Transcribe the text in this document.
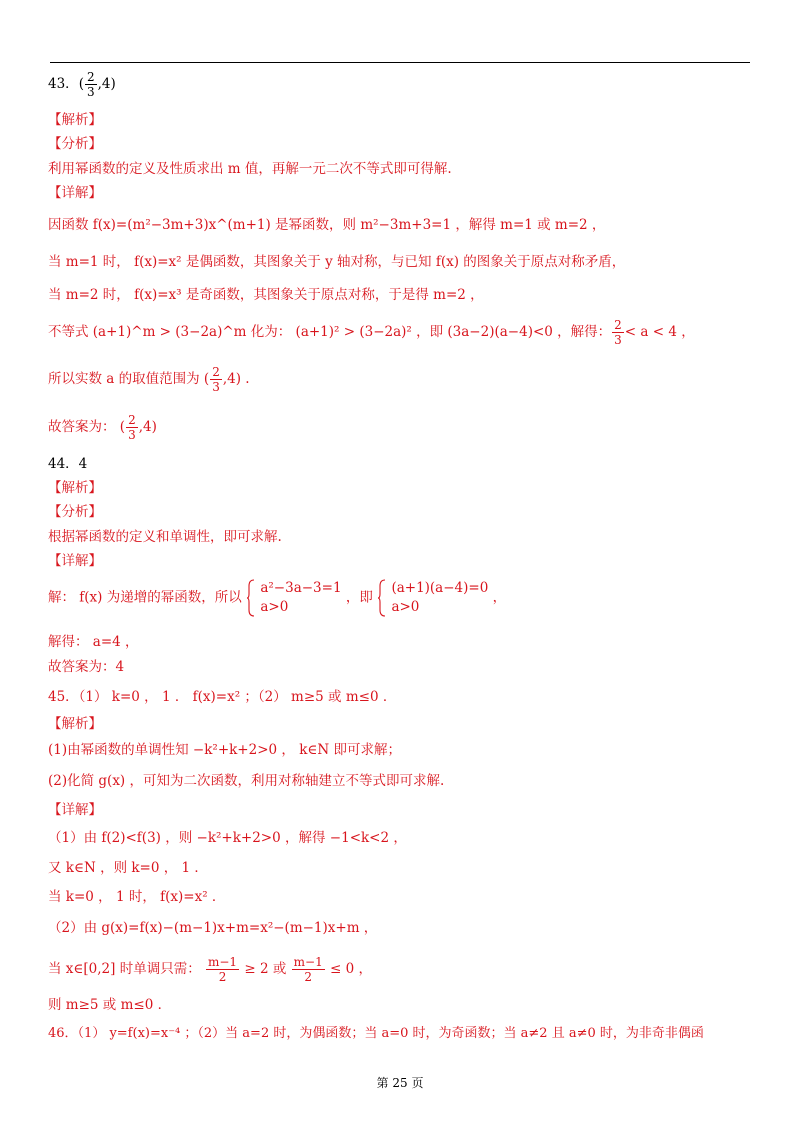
43．( $\frac{2}{3} ,4$)
【解析】
【分析】
利用幂函数的定义及性质求出 m 值，再解一元二次不等式即可得解.
【详解】
因函数 f(x)=(m²−3m+3)x^(m+1) 是幂函数，则 m²−3m+3=1 ，解得 m=1 或 m=2 ，
当 m=1 时， f(x)=x² 是偶函数，其图象关于 y 轴对称，与已知 f(x) 的图象关于原点对称矛盾，
当 m=2 时， f(x)=x³ 是奇函数，其图象关于原点对称，于是得 m=2 ，
不等式 (a+1)^m > (3−2a)^m 化为： (a+1)² > (3−2a)² ，即 (3a−2)(a−4)<0 ，解得： $\frac{2}{3} < a < 4$ ，
所以实数 a 的取值范围为 ( $\frac{2}{3} ,4$) .
故答案为： ( $\frac{2}{3} ,4$)
44．4
【解析】
【分析】
根据幂函数的定义和单调性，即可求解.
【详解】
解： f(x) 为递增的幂函数，所以
a²−3a−3=1
a>0
，即
(a+1)(a−4)=0
a>0
，
解得： a=4 ，
故答案为：4
45．（1） k=0 ， 1 ． f(x)=x² ；（2） m≥5 或 m≤0 ．
【解析】
(1)由幂函数的单调性知 −k²+k+2>0 ， k∈N 即可求解；
(2)化简 g(x) ，可知为二次函数，利用对称轴建立不等式即可求解.
【详解】
（1）由 f(2)<f(3) ，则 −k²+k+2>0 ，解得 −1<k<2 ，
又 k∈N ，则 k=0 ， 1 ．
当 k=0 ， 1 时， f(x)=x² ．
（2）由 g(x)=f(x)−(m−1)x+m=x²−(m−1)x+m ，
当 x∈[0,2] 时单调只需： $\frac{m-1}{2} \ge 2$ 或 $\frac{m-1}{2} \le 0$ ，
则 m≥5 或 m≤0 ．
46．（1） y=f(x)=x⁻⁴ ；（2）当 a=2 时，为偶函数；当 a=0 时，为奇函数；当 a≠2 且 a≠0 时，为非奇非偶函
第 25 页
